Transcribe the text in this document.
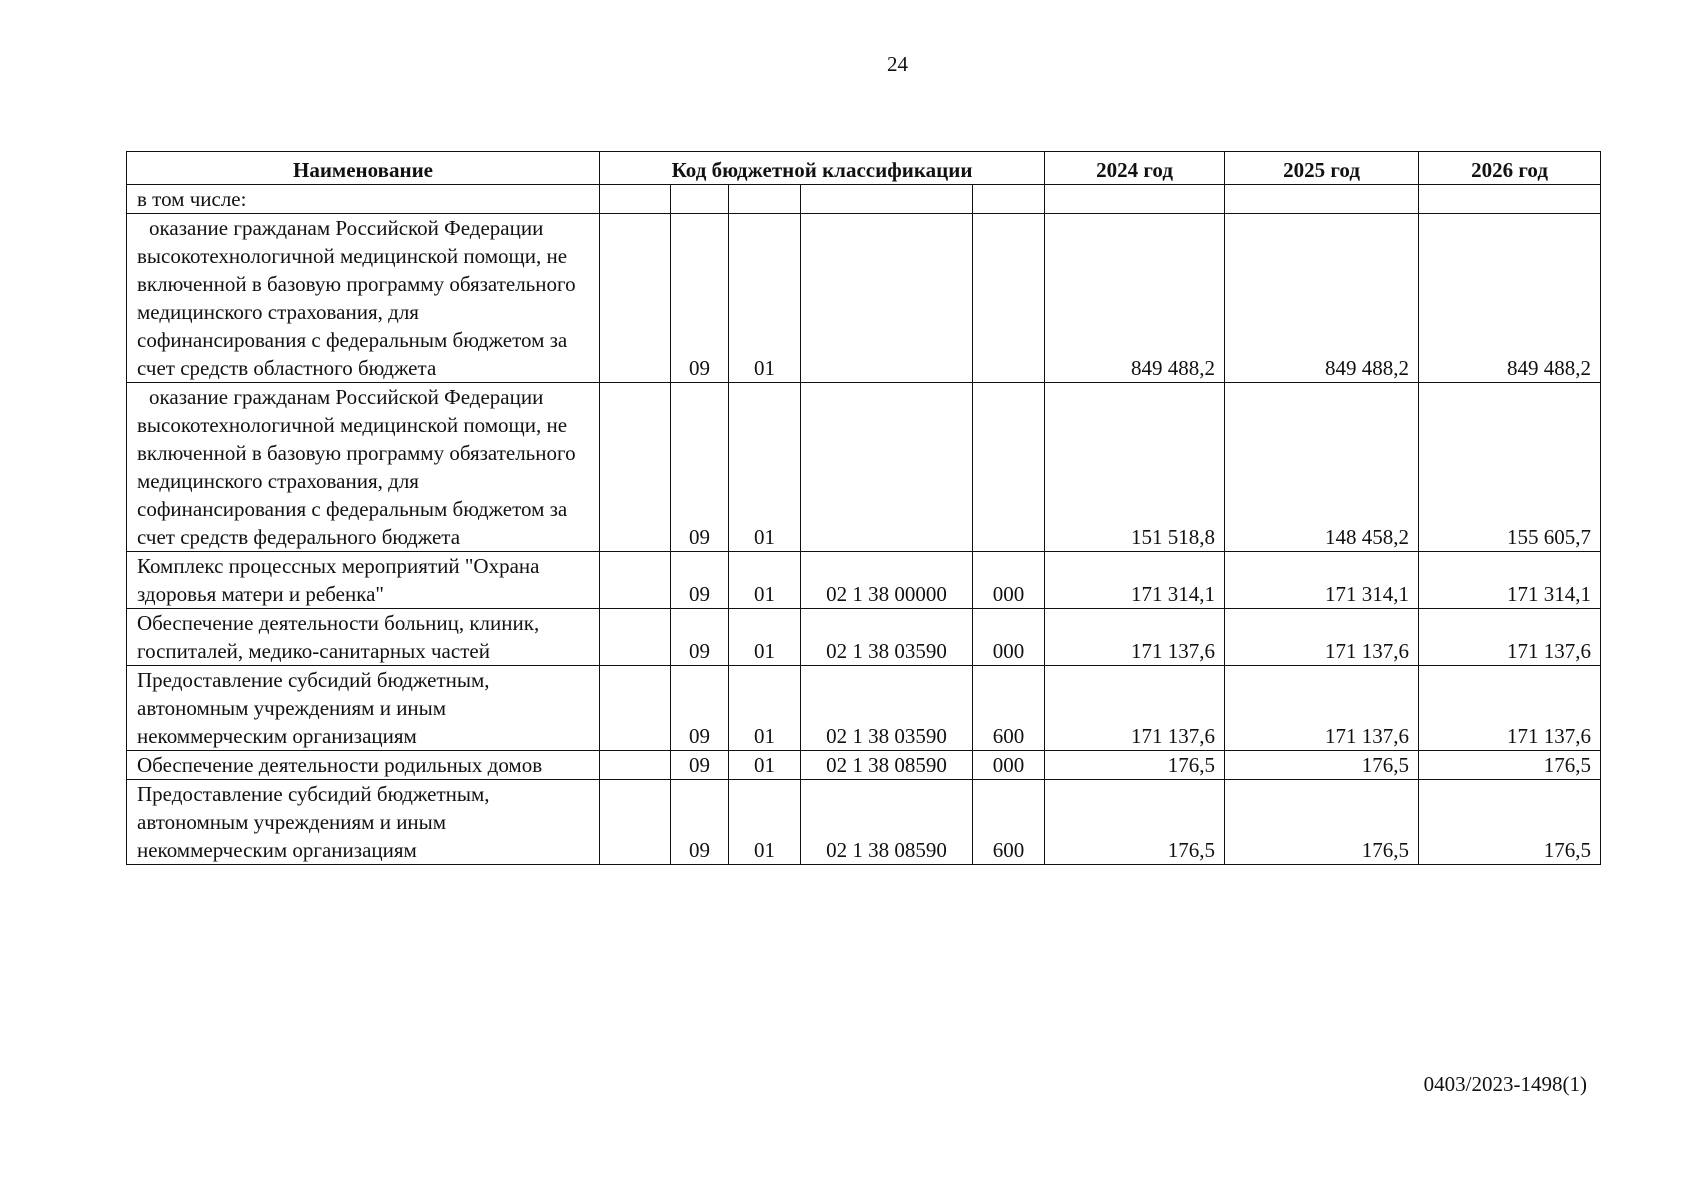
24
Наименование	Код бюджетной классификации					2024 год	2025 год	2026 год
в том числе:								
оказание гражданам Российской Федерации высокотехнологичной медицинской помощи, не включенной в базовую программу обязательного медицинского страхования, для софинансирования с федеральным бюджетом за счет средств областного бюджета		09	01			849 488,2	849 488,2	849 488,2
оказание гражданам Российской Федерации высокотехнологичной медицинской помощи, не включенной в базовую программу обязательного медицинского страхования, для софинансирования с федеральным бюджетом за счет средств федерального бюджета		09	01			151 518,8	148 458,2	155 605,7
Комплекс процессных мероприятий "Охрана здоровья матери и ребенка"		09	01	02 1 38 00000	000	171 314,1	171 314,1	171 314,1
Обеспечение деятельности больниц, клиник, госпиталей, медико-санитарных частей		09	01	02 1 38 03590	000	171 137,6	171 137,6	171 137,6
Предоставление субсидий бюджетным, автономным учреждениям и иным некоммерческим организациям		09	01	02 1 38 03590	600	171 137,6	171 137,6	171 137,6
Обеспечение деятельности родильных домов		09	01	02 1 38 08590	000	176,5	176,5	176,5
Предоставление субсидий бюджетным, автономным учреждениям и иным некоммерческим организациям		09	01	02 1 38 08590	600	176,5	176,5	176,5
0403/2023-1498(1)
